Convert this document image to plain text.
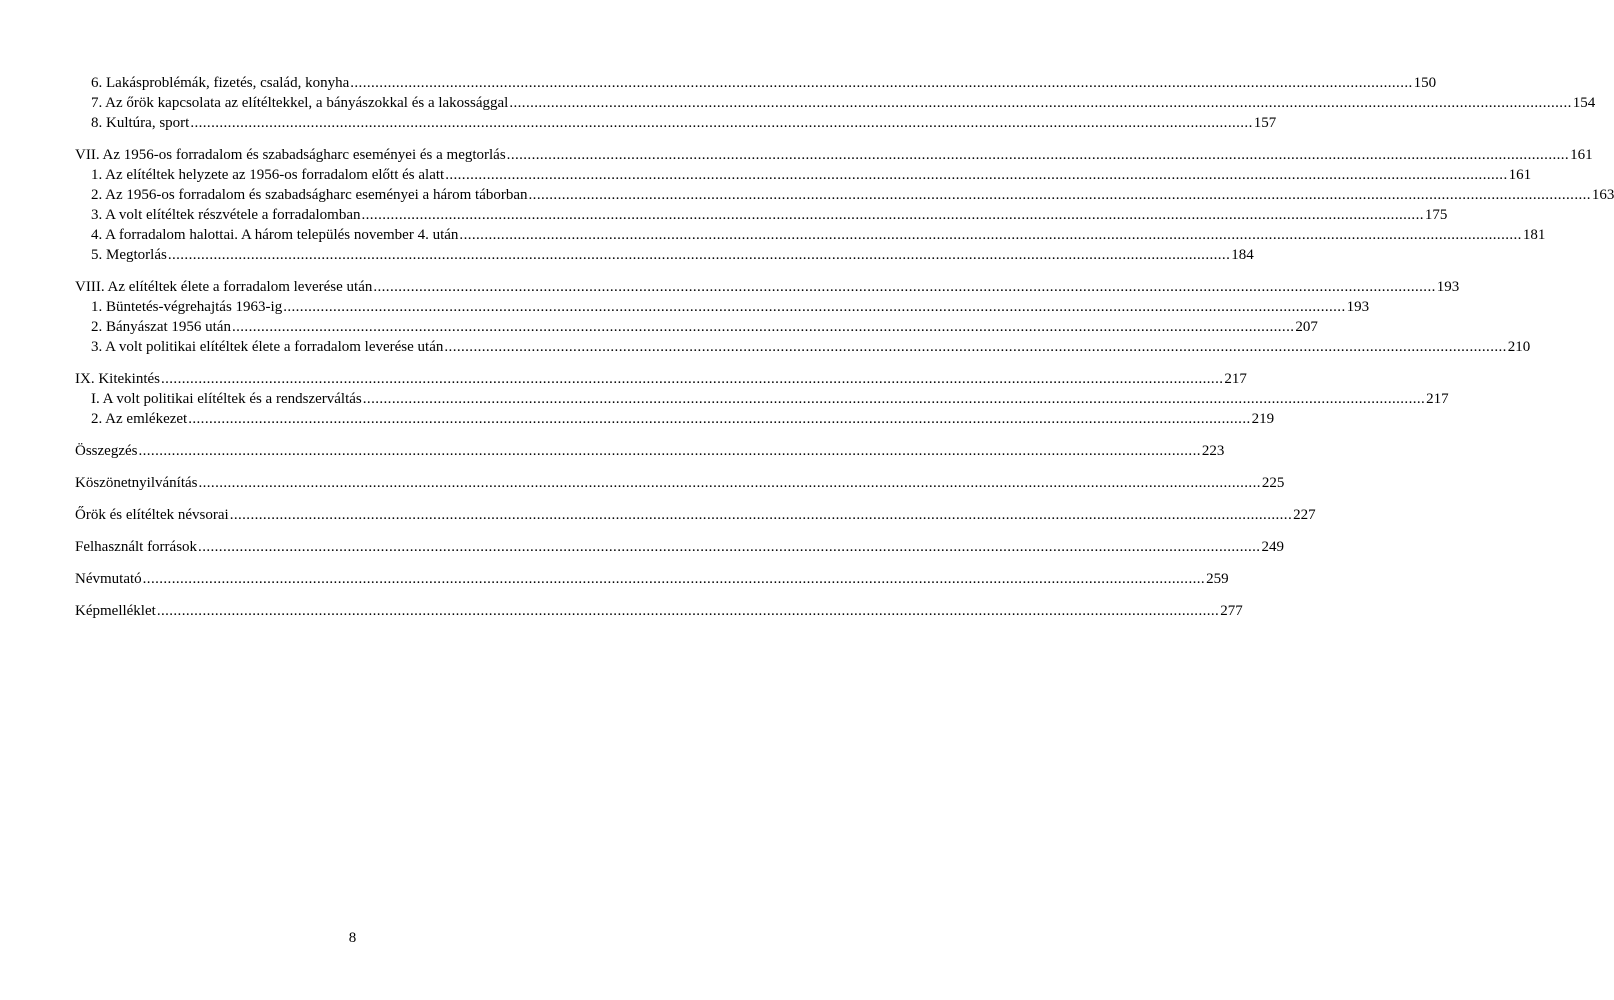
6. Lakásproblémák, fizetés, család, konyha .....	150
7. Az őrök kapcsolata az elítéltekkel, a bányászokkal és a lakossággal .....	154
8. Kultúra, sport .....	157
VII. Az 1956-os forradalom és szabadságharc eseményei és a megtorlás .....	161
1. Az elítéltek helyzete az 1956-os forradalom előtt és alatt .....	161
2. Az 1956-os forradalom és szabadságharc eseményei a három táborban .....	163
3. A volt elítéltek részvétele a forradalomban .....	175
4. A forradalom halottai. A három település november 4. után .....	181
5. Megtorlás .....	184
VIII. Az elítéltek élete a forradalom leverése után .....	193
1. Büntetés-végrehajtás 1963-ig .....	193
2. Bányászat 1956 után .....	207
3. A volt politikai elítéltek élete a forradalom leverése után .....	210
IX. Kitekintés .....	217
I. A volt politikai elítéltek és a rendszerváltás .....	217
2. Az emlékezet .....	219
Összegzés .....	223
Köszönetnyilvánítás .....	225
Őrök és elítéltek névsorai .....	227
Felhasznált források .....	249
Névmutató .....	259
Képmelléklet .....	277
8
